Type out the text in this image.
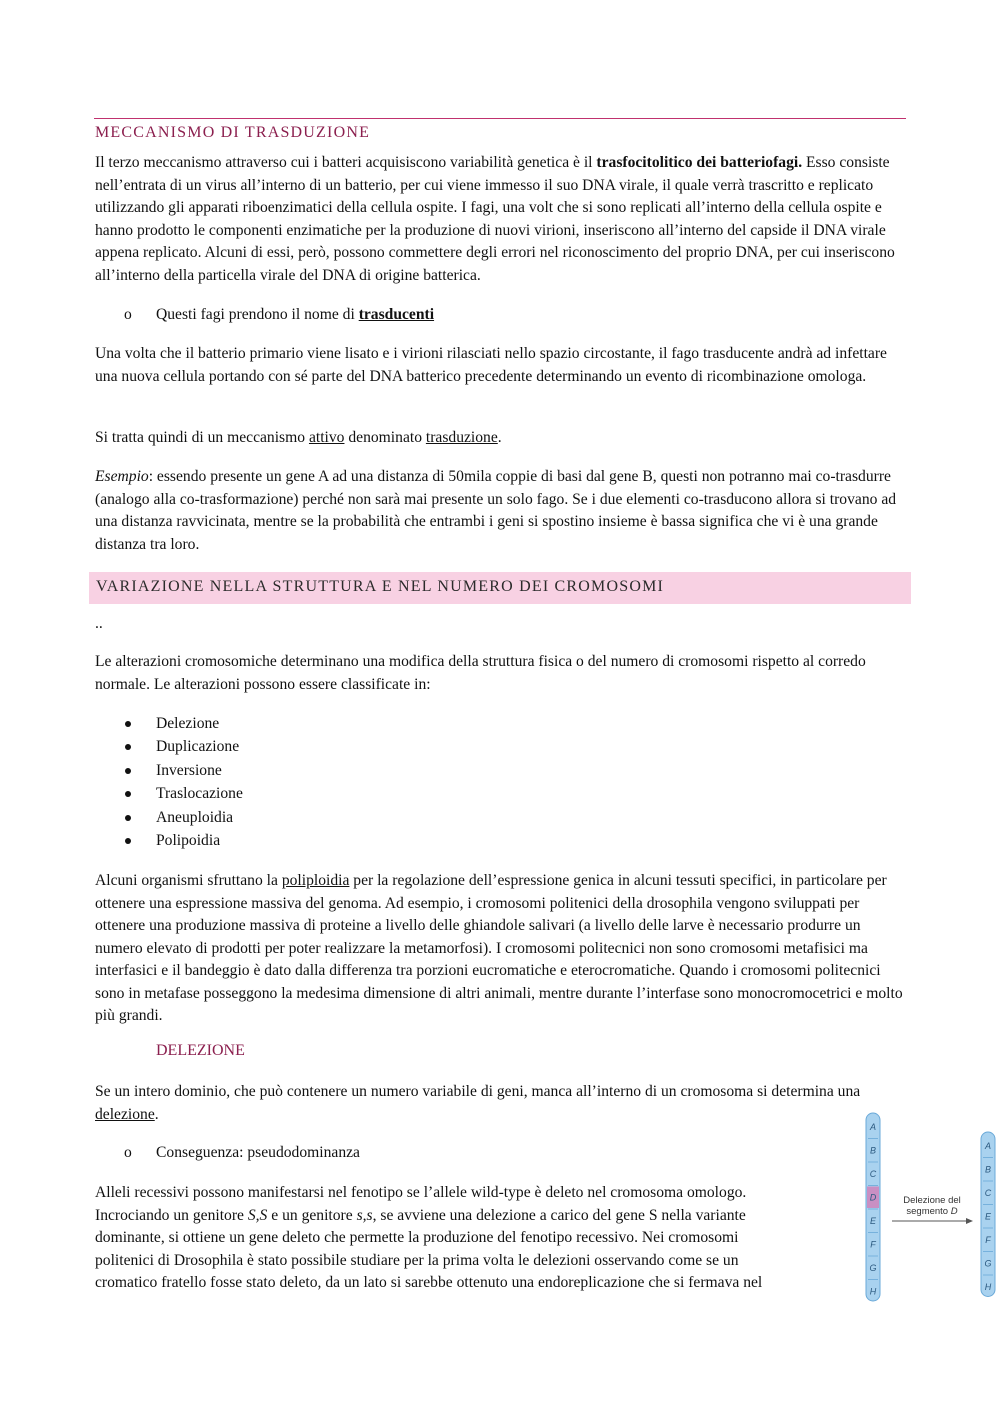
MECCANISMO DI TRASDUZIONE

Il terzo meccanismo attraverso cui i batteri acquisiscono variabilità genetica è il trasfocitolitico dei batteriofagi. Esso consiste nell’entrata di un virus all’interno di un batterio, per cui viene immesso il suo DNA virale, il quale verrà trascritto e replicato utilizzando gli apparati riboenzimatici della cellula ospite. I fagi, una volt che si sono replicati all’interno della cellula ospite e hanno prodotto le componenti enzimatiche per la produzione di nuovi virioni, inseriscono all’interno del capside il DNA virale appena replicato. Alcuni di essi, però, possono commettere degli errori nel riconoscimento del proprio DNA, per cui inseriscono all’interno della particella virale del DNA di origine batterica.

o Questi fagi prendono il nome di trasducenti

Una volta che il batterio primario viene lisato e i virioni rilasciati nello spazio circostante, il fago trasducente andrà ad infettare una nuova cellula portando con sé parte del DNA batterico precedente determinando un evento di ricombinazione omologa.

Si tratta quindi di un meccanismo attivo denominato trasduzione.

Esempio: essendo presente un gene A ad una distanza di 50mila coppie di basi dal gene B, questi non potranno mai co-trasdurre (analogo alla co-trasformazione) perché non sarà mai presente un solo fago. Se i due elementi co-trasducono allora si trovano ad una distanza ravvicinata, mentre se la probabilità che entrambi i geni si spostino insieme è bassa significa che vi è una grande distanza tra loro.

VARIAZIONE NELLA STRUTTURA E NEL NUMERO DEI CROMOSOMI

..

Le alterazioni cromosomiche determinano una modifica della struttura fisica o del numero di cromosomi rispetto al corredo normale. Le alterazioni possono essere classificate in:

Delezione
Duplicazione
Inversione
Traslocazione
Aneuploidia
Polipoidia

Alcuni organismi sfruttano la poliploidia per la regolazione dell’espressione genica in alcuni tessuti specifici, in particolare per ottenere una espressione massiva del genoma. Ad esempio, i cromosomi politenici della drosophila vengono sviluppati per ottenere una produzione massiva di proteine a livello delle ghiandole salivari (a livello delle larve è necessario produrre un numero elevato di prodotti per poter realizzare la metamorfosi). I cromosomi politecnici non sono cromosomi metafisici ma interfasici e il bandeggio è dato dalla differenza tra porzioni eucromatiche e eterocromatiche. Quando i cromosomi politecnici sono in metafase posseggono la medesima dimensione di altri animali, mentre durante l’interfase sono monocromocetrici e molto più grandi.

DELEZIONE

Se un intero dominio, che può contenere un numero variabile di geni, manca all’interno di un cromosoma si determina una delezione.

o Conseguenza: pseudodominanza
Alleli recessivi possono manifestarsi nel fenotipo se l’allele wild-type è deleto nel cromosoma omologo.
Incrociando un genitore S,S e un genitore s,s, se avviene una delezione a carico del gene S nella variante
dominante, si ottiene un gene deleto che permette la produzione del fenotipo recessivo. Nei cromosomi
politenici di Drosophila è stato possibile studiare per la prima volta le delezioni osservando come se un
cromatico fratello fosse stato deleto, da un lato si sarebbe ottenuto una endoreplicazione che si fermava nel
A
B
C
D
E
F
G
H
A
B
C
E
F
G
H
Delezione del
segmento D
